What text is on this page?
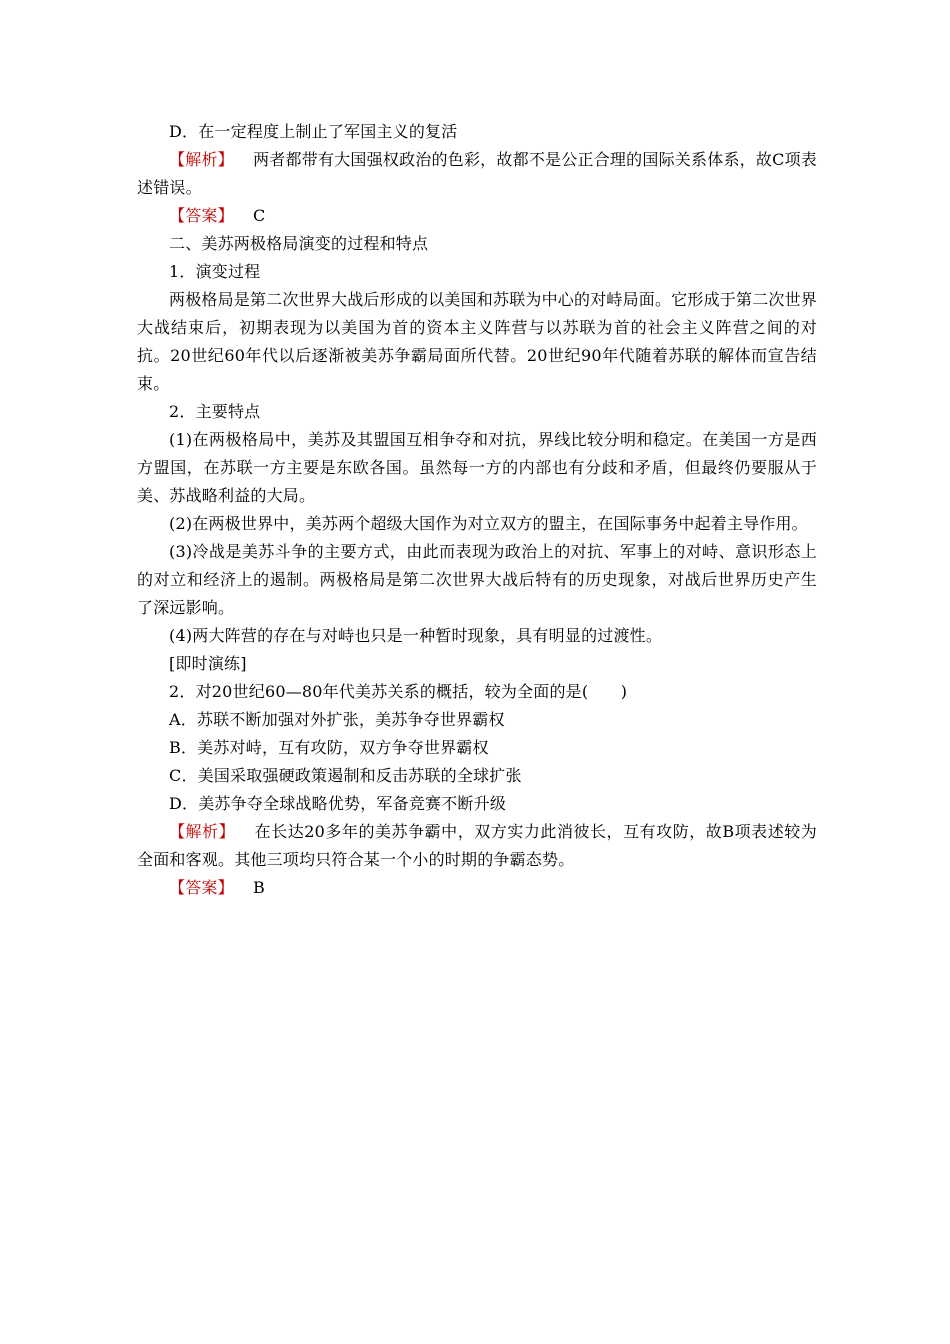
D．在一定程度上制止了军国主义的复活

【解析】 两者都带有大国强权政治的色彩，故都不是公正合理的国际关系体系，故C项表述错误。

【答案】 C

二、美苏两极格局演变的过程和特点

1．演变过程

两极格局是第二次世界大战后形成的以美国和苏联为中心的对峙局面。它形成于第二次世界大战结束后，初期表现为以美国为首的资本主义阵营与以苏联为首的社会主义阵营之间的对抗。20世纪60年代以后逐渐被美苏争霸局面所代替。20世纪90年代随着苏联的解体而宣告结束。

2．主要特点

(1)在两极格局中，美苏及其盟国互相争夺和对抗，界线比较分明和稳定。在美国一方是西方盟国，在苏联一方主要是东欧各国。虽然每一方的内部也有分歧和矛盾，但最终仍要服从于美、苏战略利益的大局。

(2)在两极世界中，美苏两个超级大国作为对立双方的盟主，在国际事务中起着主导作用。

(3)冷战是美苏斗争的主要方式，由此而表现为政治上的对抗、军事上的对峙、意识形态上的对立和经济上的遏制。两极格局是第二次世界大战后特有的历史现象，对战后世界历史产生了深远影响。

(4)两大阵营的存在与对峙也只是一种暂时现象，具有明显的过渡性。

[即时演练]

2．对20世纪60—80年代美苏关系的概括，较为全面的是(　　)

A．苏联不断加强对外扩张，美苏争夺世界霸权

B．美苏对峙，互有攻防，双方争夺世界霸权

C．美国采取强硬政策遏制和反击苏联的全球扩张

D．美苏争夺全球战略优势，军备竞赛不断升级

【解析】 在长达20多年的美苏争霸中，双方实力此消彼长，互有攻防，故B项表述较为全面和客观。其他三项均只符合某一个小的时期的争霸态势。

【答案】 B
